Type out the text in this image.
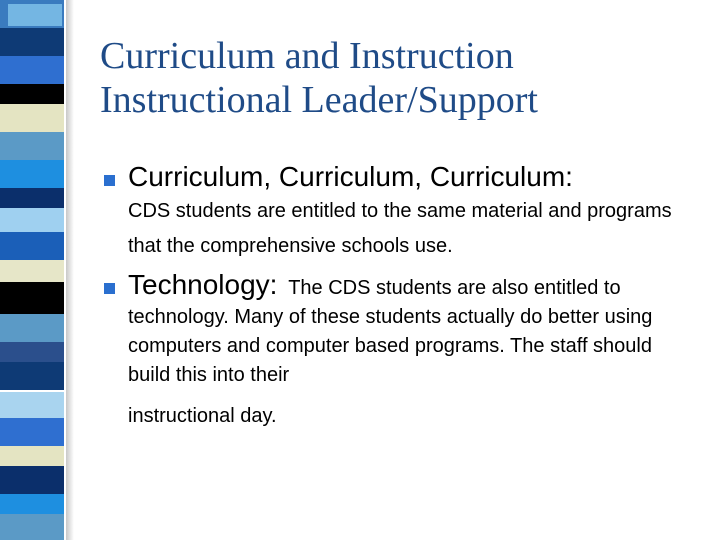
Curriculum and Instruction
Instructional Leader/Support
Curriculum, Curriculum, Curriculum:
CDS students are entitled to the same material and programs that the comprehensive schools use.
Technology: The CDS students are also entitled to technology. Many of these students actually do better using computers and computer based programs. The staff should build this into their
instructional day.
